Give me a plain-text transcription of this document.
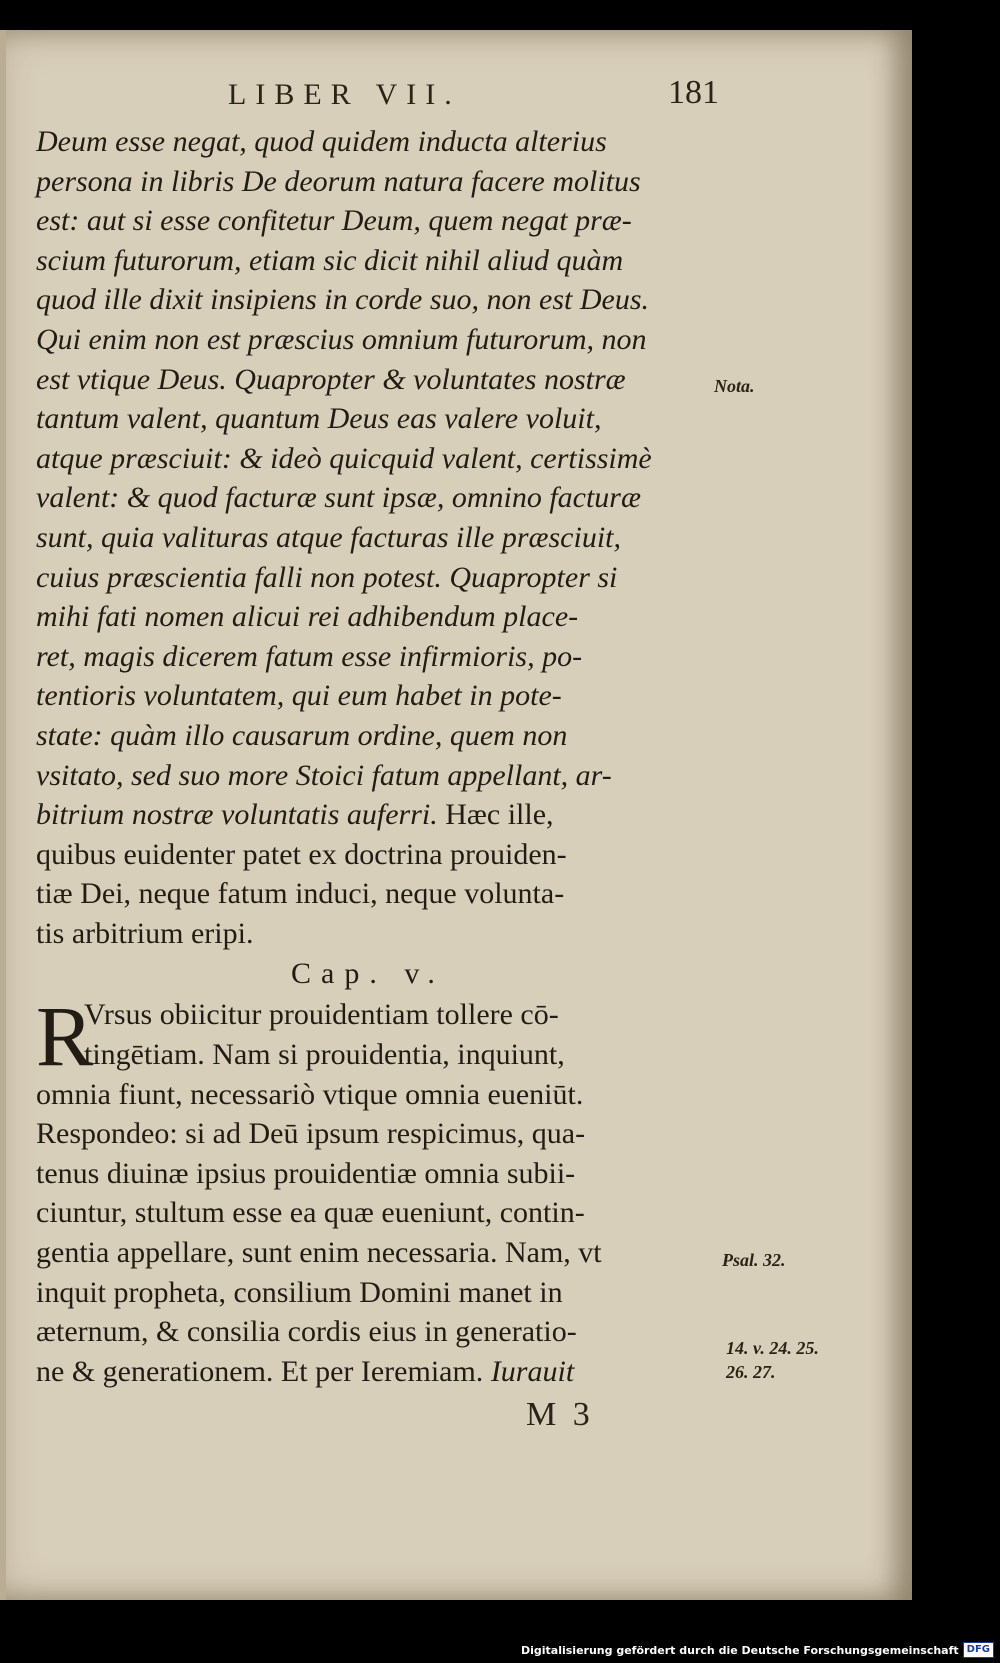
LIBER VII.	181
Deum esse negat, quod quidem inducta alterius
persona in libris De deorum natura facere molitus
est: aut si esse confitetur Deum, quem negat præ-
scium futurorum, etiam sic dicit nihil aliud quàm
quod ille dixit insipiens in corde suo, non est Deus.
Qui enim non est præscius omnium futurorum, non
est vtique Deus. Quapropter & voluntates nostræ
tantum valent, quantum Deus eas valere voluit,
atque præsciuit: & ideò quicquid valent, certissimè
valent: & quod facturæ sunt ipsæ, omnino facturæ
sunt, quia valituras atque facturas ille præsciuit,
cuius præscientia falli non potest. Quapropter si
mihi fati nomen alicui rei adhibendum place-
ret, magis dicerem fatum esse infirmioris, po-
tentioris voluntatem, qui eum habet in pote-
state: quàm illo causarum ordine, quem non
vsitato, sed suo more Stoici fatum appellant, ar-
bitrium nostræ voluntatis auferri. Hæc ille,
quibus euidenter patet ex doctrina prouiden-
tiæ Dei, neque fatum induci, neque volunta-
tis arbitrium eripi.
Cap. v.
R
Vrsus obiicitur prouidentiam tollere cō-
tingētiam. Nam si prouidentia, inquiunt,
omnia fiunt, necessariò vtique omnia eueniūt.
Respondeo: si ad Deū ipsum respicimus, qua-
tenus diuinæ ipsius prouidentiæ omnia subii-
ciuntur, stultum esse ea quæ eueniunt, contin-
gentia appellare, sunt enim necessaria. Nam, vt
inquit propheta, consilium Domini manet in
æternum, & consilia cordis eius in generatio-
ne & generationem. Et per Ieremiam. Iurauit
Nota.
Psal. 32.
14. v. 24. 25.
26. 27.
M 3
Digitalisierung gefördert durch die Deutsche Forschungsgemeinschaft DFG
